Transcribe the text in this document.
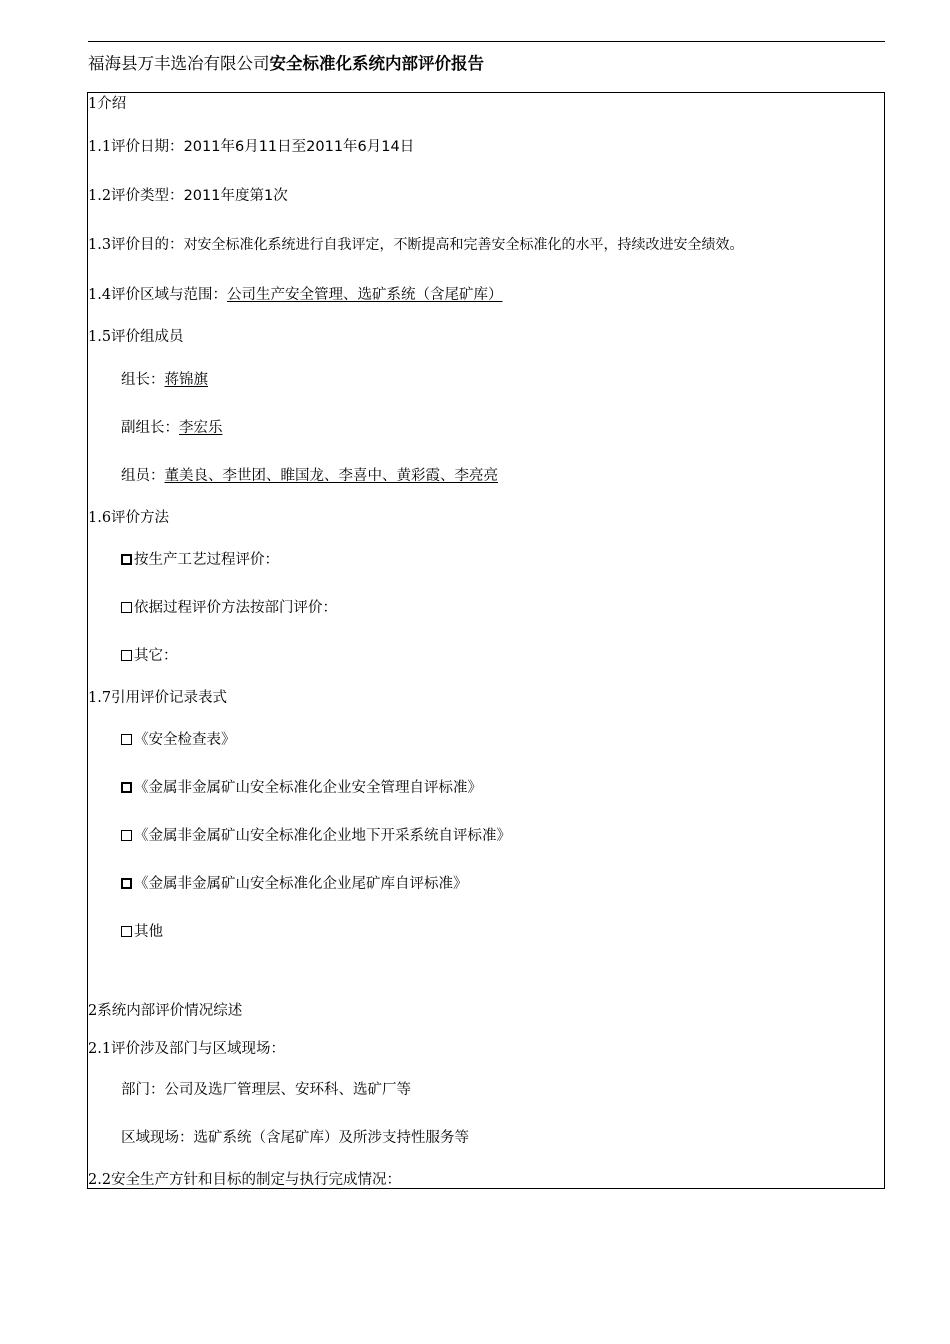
福海县万丰选冶有限公司安全标准化系统内部评价报告
1介绍
1.1评价日期：2011年6月11日至2011年6月14日
1.2评价类型：2011年度第1次
1.3评价目的：对安全标准化系统进行自我评定，不断提高和完善安全标准化的水平，持续改进安全绩效。
1.4评价区域与范围：公司生产安全管理、选矿系统（含尾矿库）
1.5评价组成员
组长：蒋锦旗
副组长：李宏乐
组员：董美良、李世团、睢国龙、李喜中、黄彩霞、李亮亮
1.6评价方法
按生产工艺过程评价：
依据过程评价方法按部门评价：
其它：
1.7引用评价记录表式
《安全检查表》
《金属非金属矿山安全标准化企业安全管理自评标准》
《金属非金属矿山安全标准化企业地下开采系统自评标准》
《金属非金属矿山安全标准化企业尾矿库自评标准》
其他
2系统内部评价情况综述
2.1评价涉及部门与区域现场：
部门：公司及选厂管理层、安环科、选矿厂等
区域现场：选矿系统（含尾矿库）及所涉支持性服务等
2.2安全生产方针和目标的制定与执行完成情况：
